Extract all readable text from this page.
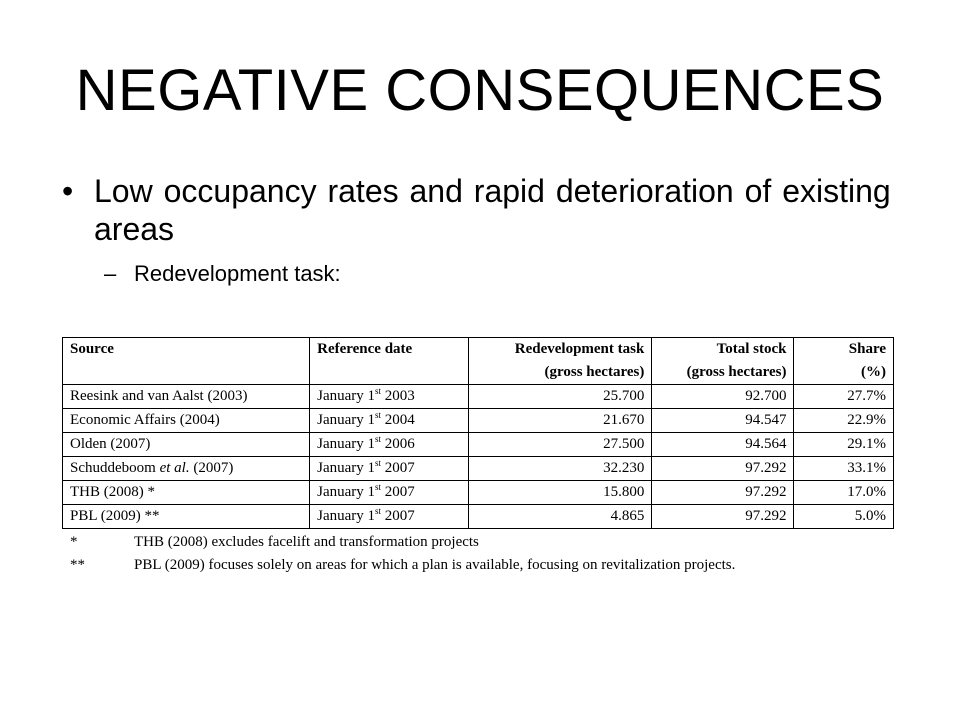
NEGATIVE CONSEQUENCES
• Low occupancy rates and rapid deterioration of existing areas
– Redevelopment task:
Source	Reference date	Redevelopment task	Total stock	Share
		(gross hectares)	(gross hectares)	(%)
Reesink and van Aalst (2003)	January 1st 2003	25.700	92.700	27.7%
Economic Affairs (2004)	January 1st 2004	21.670	94.547	22.9%
Olden (2007)	January 1st 2006	27.500	94.564	29.1%
Schuddeboom et al. (2007)	January 1st 2007	32.230	97.292	33.1%
THB (2008) *	January 1st 2007	15.800	97.292	17.0%
PBL (2009) **	January 1st 2007	4.865	97.292	5.0%
*	THB (2008) excludes facelift and transformation projects
**	PBL (2009) focuses solely on areas for which a plan is available, focusing on revitalization projects.
